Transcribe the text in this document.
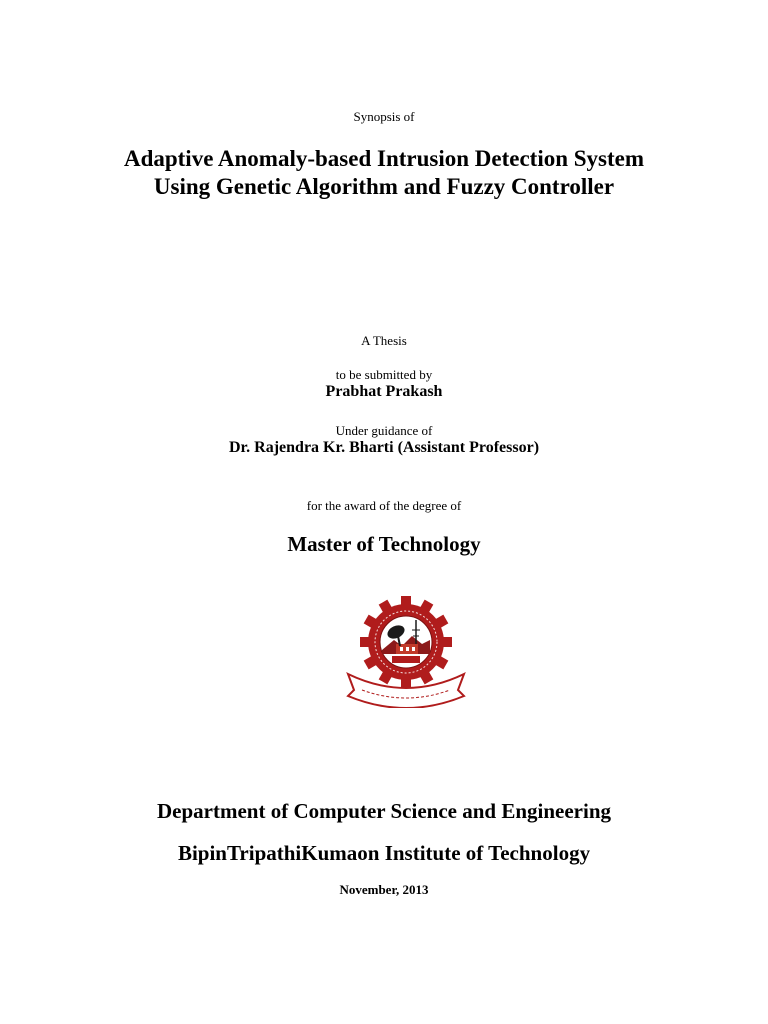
Synopsis of

Adaptive Anomaly-based Intrusion Detection System

Using Genetic Algorithm and Fuzzy Controller

A Thesis

to be submitted by

Prabhat Prakash

Under guidance of

Dr. Rajendra Kr. Bharti (Assistant Professor)

for the award of the degree of

Master of Technology

Department of Computer Science and Engineering

BipinTripathiKumaon Institute of Technology

November, 2013
